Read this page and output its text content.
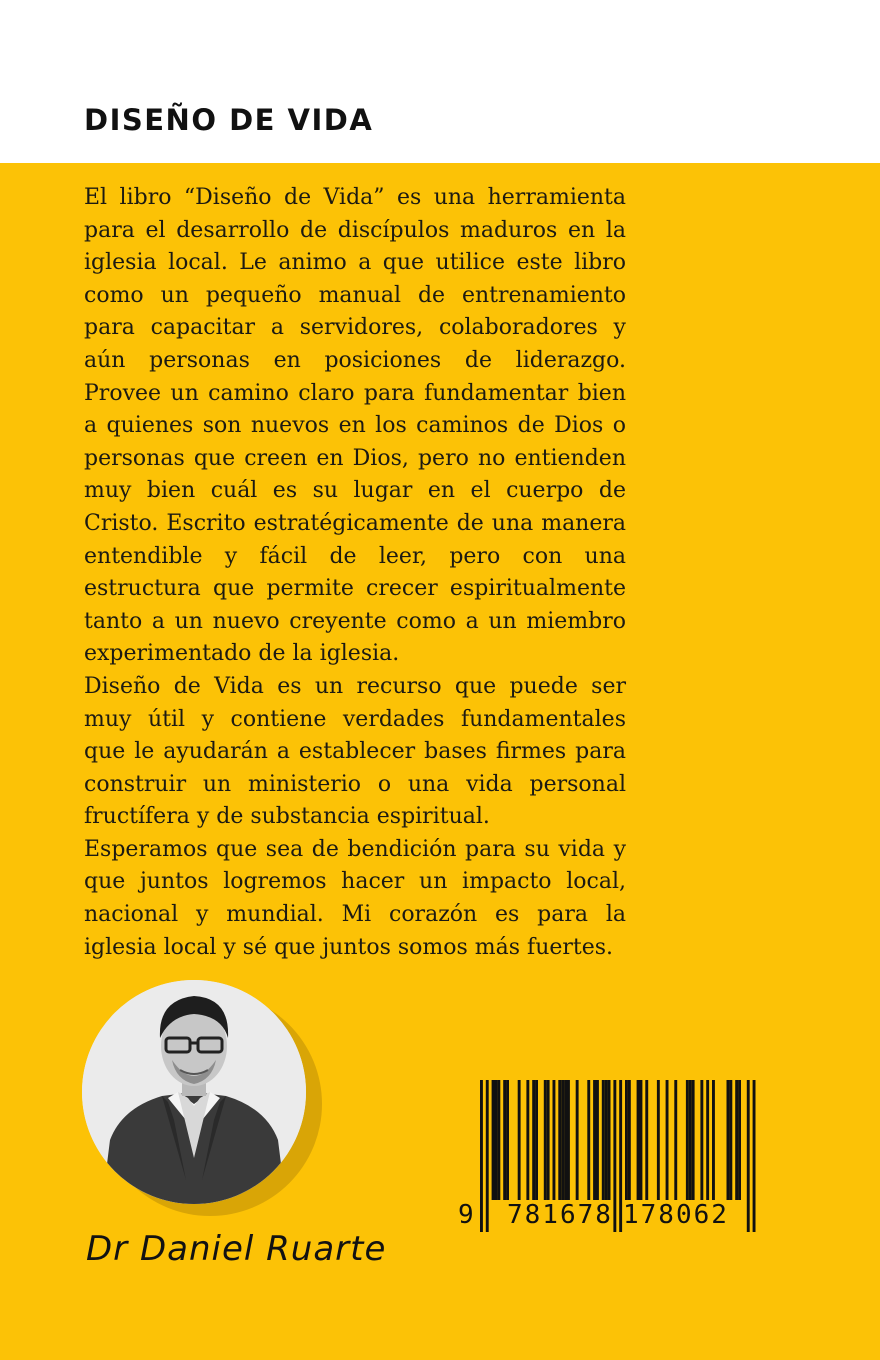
DISEÑO DE VIDA

El libro “Diseño de Vida” es una herramienta para el desarrollo de discípulos maduros en la iglesia local. Le animo a que utilice este libro como un pequeño manual de entrenamiento para capacitar a servidores, colaboradores y aún personas en posiciones de liderazgo. Provee un camino claro para fundamentar bien a quienes son nuevos en los caminos de Dios o personas que creen en Dios, pero no entienden muy bien cuál es su lugar en el cuerpo de Cristo. Escrito estratégicamente de una manera entendible y fácil de leer, pero con una estructura que permite crecer espiritualmente tanto a un nuevo creyente como a un miembro experimentado de la iglesia.

Diseño de Vida es un recurso que puede ser muy útil y contiene verdades fundamentales que le ayudarán a establecer bases firmes para construir un ministerio o una vida personal fructífera y de substancia espiritual.

Esperamos que sea de bendición para su vida y que juntos logremos hacer un impacto local, nacional y mundial. Mi corazón es para la iglesia local y sé que juntos somos más fuertes.

Dr Daniel Ruarte

9 781678 178062
